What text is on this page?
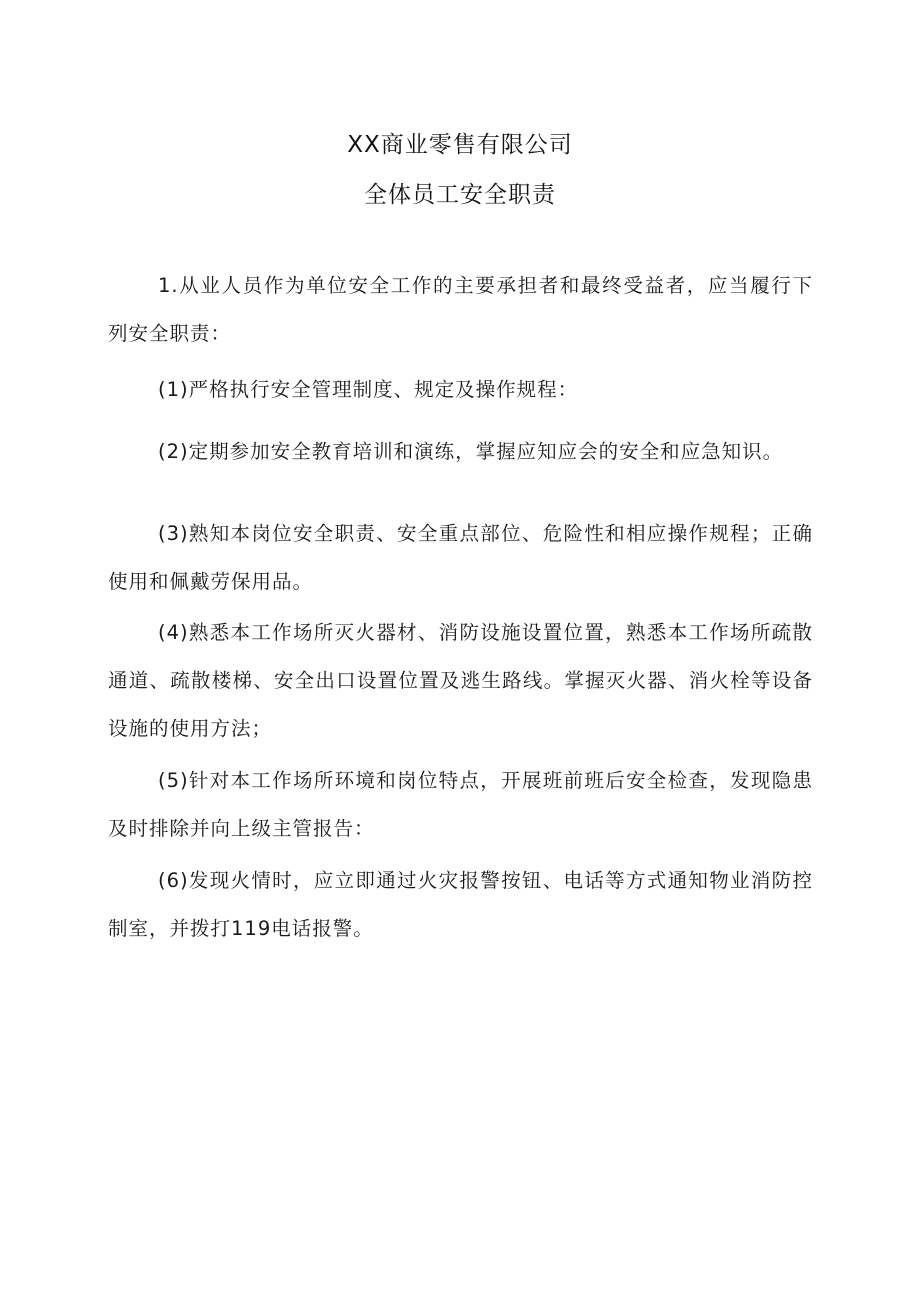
XX商业零售有限公司
全体员工安全职责

1.从业人员作为单位安全工作的主要承担者和最终受益者，应当履行下列安全职责：

(1)严格执行安全管理制度、规定及操作规程：

(2)定期参加安全教育培训和演练，掌握应知应会的安全和应急知识。

(3)熟知本岗位安全职责、安全重点部位、危险性和相应操作规程；正确使用和佩戴劳保用品。

(4)熟悉本工作场所灭火器材、消防设施设置位置，熟悉本工作场所疏散通道、疏散楼梯、安全出口设置位置及逃生路线。掌握灭火器、消火栓等设备设施的使用方法；

(5)针对本工作场所环境和岗位特点，开展班前班后安全检查，发现隐患及时排除并向上级主管报告：

(6)发现火情时，应立即通过火灾报警按钮、电话等方式通知物业消防控制室，并拨打119电话报警。
